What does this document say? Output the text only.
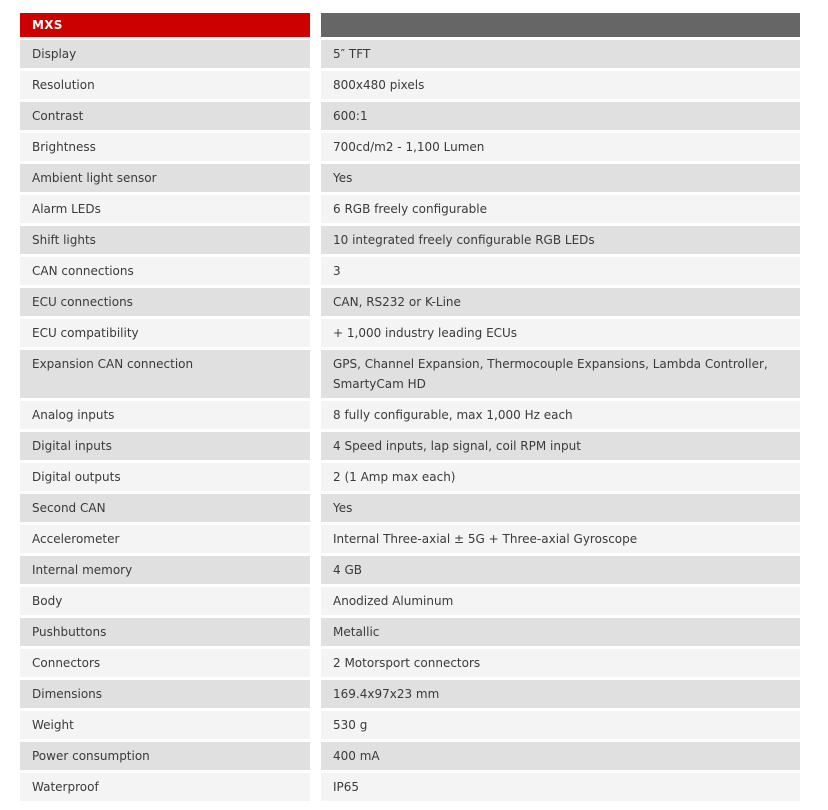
MXS
Display	5″ TFT
Resolution	800x480 pixels
Contrast	600:1
Brightness	700cd/m2 - 1,100 Lumen
Ambient light sensor	Yes
Alarm LEDs	6 RGB freely configurable
Shift lights	10 integrated freely configurable RGB LEDs
CAN connections	3
ECU connections	CAN, RS232 or K-Line
ECU compatibility	+ 1,000 industry leading ECUs
Expansion CAN connection	GPS, Channel Expansion, Thermocouple Expansions, Lambda Controller, SmartyCam HD
Analog inputs	8 fully configurable, max 1,000 Hz each
Digital inputs	4 Speed inputs, lap signal, coil RPM input
Digital outputs	2 (1 Amp max each)
Second CAN	Yes
Accelerometer	Internal Three-axial ± 5G + Three-axial Gyroscope
Internal memory	4 GB
Body	Anodized Aluminum
Pushbuttons	Metallic
Connectors	2 Motorsport connectors
Dimensions	169.4x97x23 mm
Weight	530 g
Power consumption	400 mA
Waterproof	IP65
